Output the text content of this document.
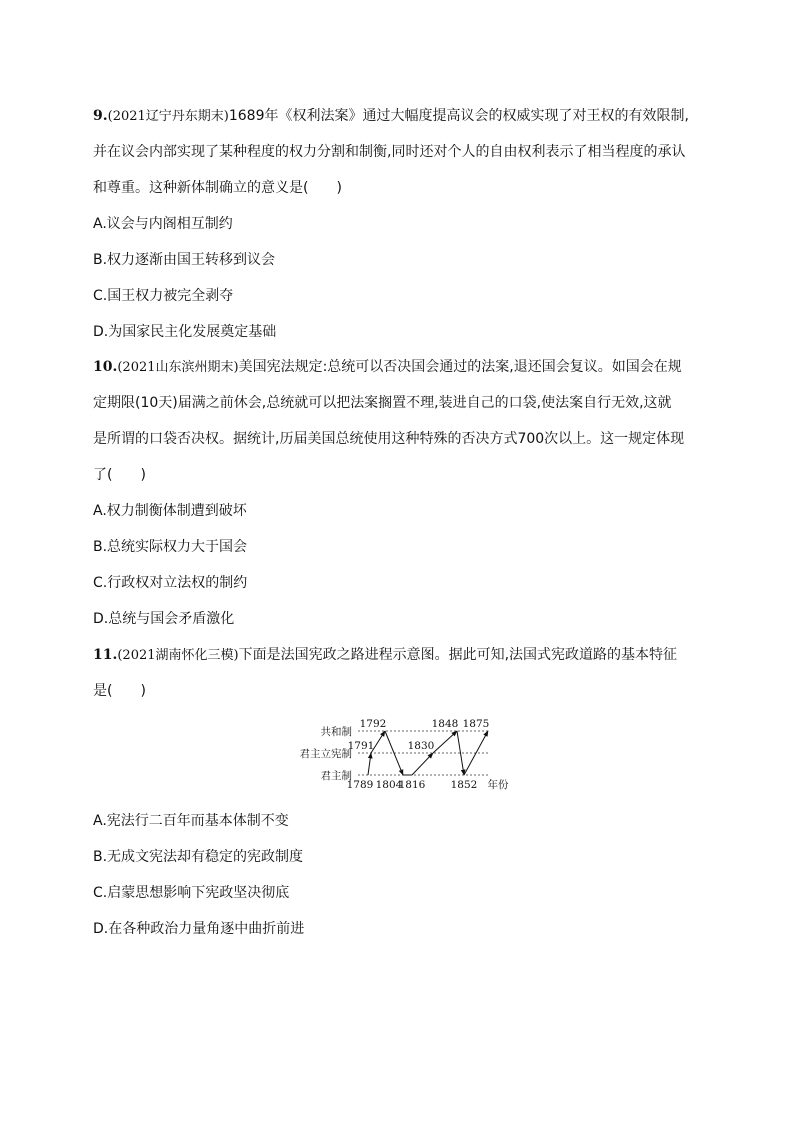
9.(2021辽宁丹东期末)1689年《权利法案》通过大幅度提高议会的权威实现了对王权的有效限制,
并在议会内部实现了某种程度的权力分割和制衡,同时还对个人的自由权利表示了相当程度的承认
和尊重。这种新体制确立的意义是(　　)
A.议会与内阁相互制约
B.权力逐渐由国王转移到议会
C.国王权力被完全剥夺
D.为国家民主化发展奠定基础
10.(2021山东滨州期末)美国宪法规定:总统可以否决国会通过的法案,退还国会复议。如国会在规
定期限(10天)届满之前休会,总统就可以把法案搁置不理,装进自己的口袋,使法案自行无效,这就
是所谓的口袋否决权。据统计,历届美国总统使用这种特殊的否决方式700次以上。这一规定体现
了(　　)
A.权力制衡体制遭到破坏
B.总统实际权力大于国会
C.行政权对立法权的制约
D.总统与国会矛盾激化
11.(2021湖南怀化三模)下面是法国宪政之路进程示意图。据此可知,法国式宪政道路的基本特征
是(　　)
君主制
君主立宪制
共和制
1789
1791
1792
1804
1816
1830
1848
1852
1875
年份
A.宪法行二百年而基本体制不变
B.无成文宪法却有稳定的宪政制度
C.启蒙思想影响下宪政坚决彻底
D.在各种政治力量角逐中曲折前进
